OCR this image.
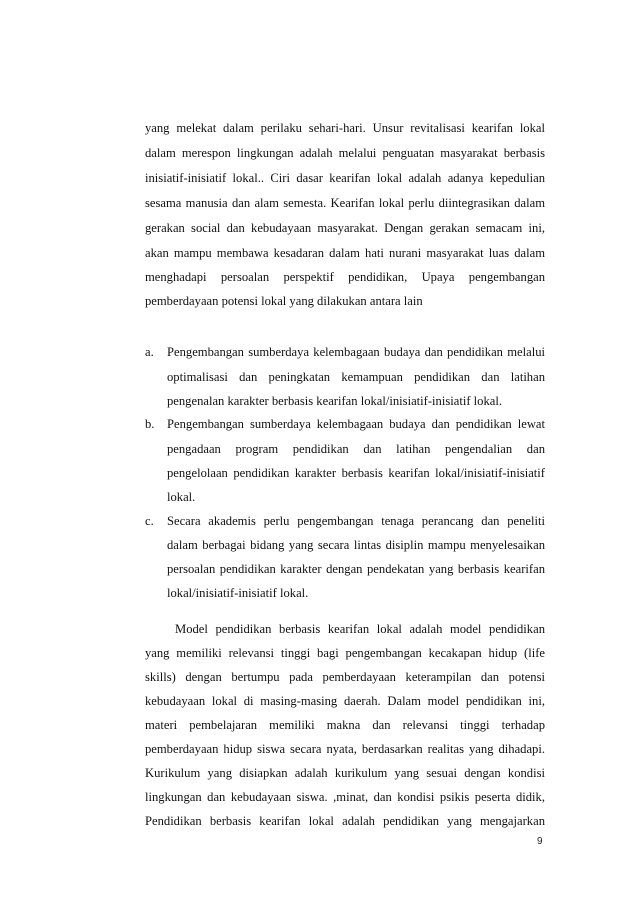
yang melekat dalam perilaku sehari-hari. Unsur revitalisasi kearifan lokal
dalam merespon lingkungan adalah melalui penguatan masyarakat berbasis
inisiatif-inisiatif lokal.. Ciri dasar kearifan lokal adalah adanya kepedulian
sesama manusia dan alam semesta. Kearifan lokal perlu diintegrasikan dalam
gerakan social dan kebudayaan masyarakat. Dengan gerakan semacam ini,
akan mampu membawa kesadaran dalam hati nurani masyarakat luas dalam
menghadapi persoalan perspektif pendidikan, Upaya pengembangan
pemberdayaan potensi lokal yang dilakukan antara lain
a.	Pengembangan sumberdaya kelembagaan budaya dan pendidikan melalui
optimalisasi dan peningkatan kemampuan pendidikan dan latihan
pengenalan karakter berbasis kearifan lokal/inisiatif-inisiatif lokal.
b. Pengembangan sumberdaya kelembagaan budaya dan pendidikan lewat
pengadaan program pendidikan dan latihan pengendalian dan
pengelolaan pendidikan karakter berbasis kearifan lokal/inisiatif-inisiatif
lokal.
c.	Secara akademis perlu pengembangan tenaga perancang dan peneliti
dalam berbagai bidang yang secara lintas disiplin mampu menyelesaikan
persoalan pendidikan karakter dengan pendekatan yang berbasis kearifan
lokal/inisiatif-inisiatif lokal.
Model pendidikan berbasis kearifan lokal adalah model pendidikan
yang memiliki relevansi tinggi bagi pengembangan kecakapan hidup (life
skills) dengan bertumpu pada pemberdayaan keterampilan dan potensi
kebudayaan lokal di masing-masing daerah. Dalam model pendidikan ini,
materi pembelajaran memiliki makna dan relevansi tinggi terhadap
pemberdayaan hidup siswa secara nyata, berdasarkan realitas yang dihadapi.
Kurikulum yang disiapkan adalah kurikulum yang sesuai dengan kondisi
lingkungan dan kebudayaan siswa. ,minat, dan kondisi psikis peserta didik,
Pendidikan berbasis kearifan lokal adalah pendidikan yang mengajarkan
9
